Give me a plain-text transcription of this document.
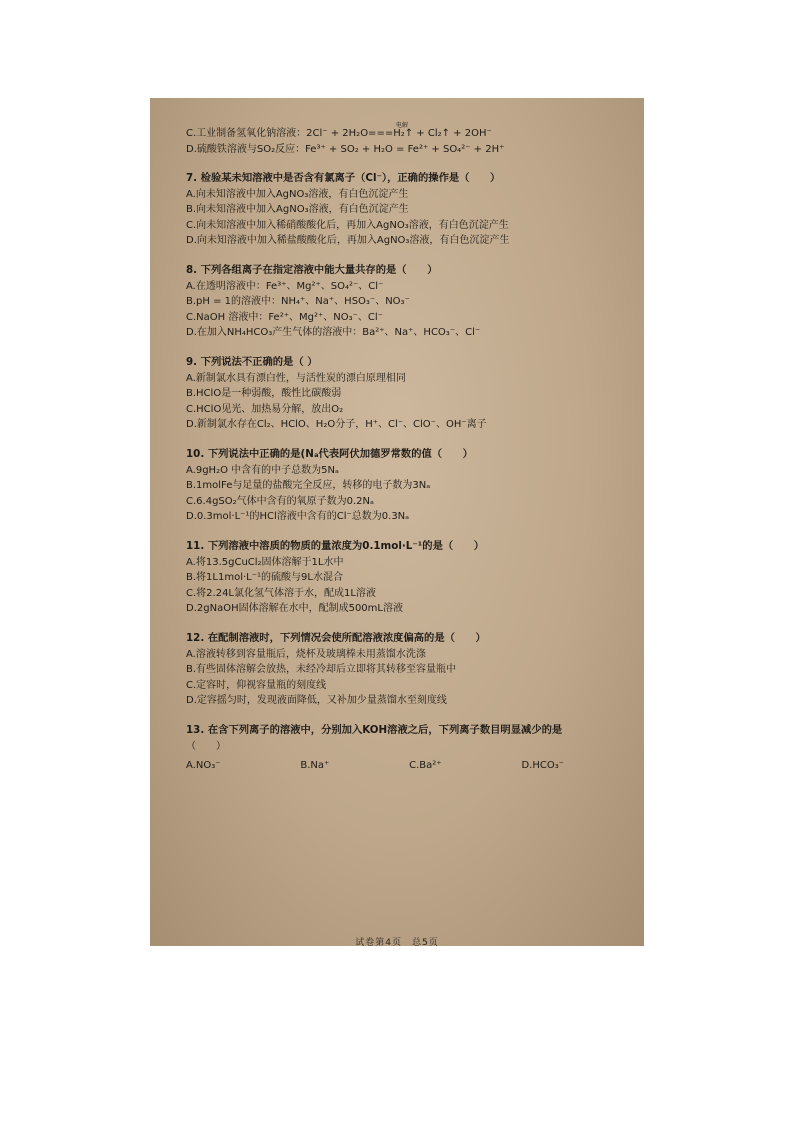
C.工业制备氢氧化钠溶液：2Cl⁻ + 2H₂O===H₂↑ + Cl₂↑ + 2OH⁻
D.硫酸铁溶液与SO₂反应：Fe³⁺ + SO₂ + H₂O = Fe²⁺ + SO₄²⁻ + 2H⁺
7. 检验某未知溶液中是否含有氯离子（Cl⁻），正确的操作是（　　）
A.向未知溶液中加入AgNO₃溶液，有白色沉淀产生
B.向未知溶液中加入AgNO₃溶液，有白色沉淀产生
C.向未知溶液中加入稀硝酸酸化后，再加入AgNO₃溶液，有白色沉淀产生
D.向未知溶液中加入稀盐酸酸化后，再加入AgNO₃溶液，有白色沉淀产生
8. 下列各组离子在指定溶液中能大量共存的是（　　）
A.在透明溶液中：Fe³⁺、Mg²⁺、SO₄²⁻、Cl⁻
B.pH = 1的溶液中：NH₄⁺、Na⁺、HSO₃⁻、NO₃⁻
C.NaOH 溶液中：Fe²⁺、Mg²⁺、NO₃⁻、Cl⁻
D.在加入NH₄HCO₃产生气体的溶液中：Ba²⁺、Na⁺、HCO₃⁻、Cl⁻
9. 下列说法不正确的是（ ）
A.新制氯水具有漂白性，与活性炭的漂白原理相同
B.HClO是一种弱酸，酸性比碳酸弱
C.HClO见光、加热易分解，放出O₂
D.新制氯水存在Cl₂、HClO、H₂O分子，H⁺、Cl⁻、ClO⁻、OH⁻离子
10. 下列说法中正确的是(Nₐ代表阿伏加德罗常数的值（　　）
A.9gH₂O 中含有的中子总数为5Nₐ
B.1molFe与足量的盐酸完全反应，转移的电子数为3Nₐ
C.6.4gSO₂气体中含有的氧原子数为0.2Nₐ
D.0.3mol·L⁻¹的HCl溶液中含有的Cl⁻总数为0.3Nₐ
11. 下列溶液中溶质的物质的量浓度为0.1mol·L⁻¹的是（　　）
A.将13.5gCuCl₂固体溶解于1L水中
B.将1L1mol·L⁻¹的硫酸与9L水混合
C.将2.24L氯化氢气体溶于水，配成1L溶液
D.2gNaOH固体溶解在水中，配制成500mL溶液
12. 在配制溶液时，下列情况会使所配溶液浓度偏高的是（　　）
A.溶液转移到容量瓶后，烧杯及玻璃棒未用蒸馏水洗涤
B.有些固体溶解会放热，未经冷却后立即将其转移至容量瓶中
C.定容时，仰视容量瓶的刻度线
D.定容摇匀时，发现液面降低，又补加少量蒸馏水至刻度线
13. 在含下列离子的溶液中，分别加入KOH溶液之后，下列离子数目明显减少的是
（　　）
A.NO₃⁻	B.Na⁺	C.Ba²⁺	D.HCO₃⁻
电解
试卷第4页　总5页
